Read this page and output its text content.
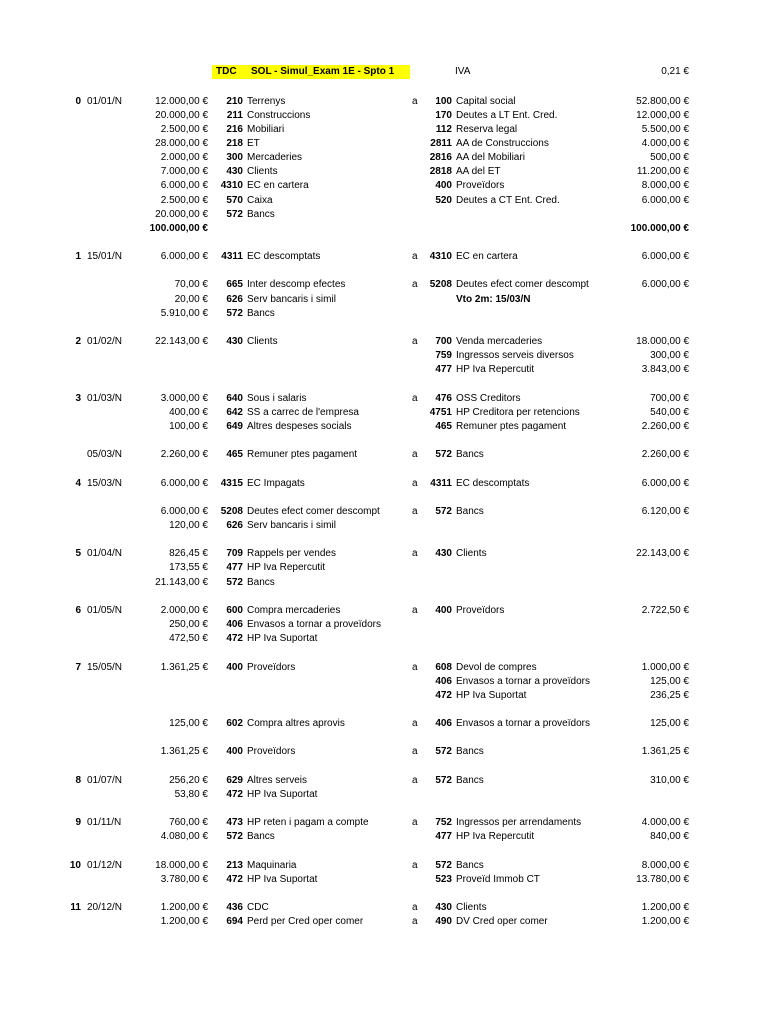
TDC SOL - Simul_Exam 1E - Spto 1	IVA	0,21 €
0 01/01/N	12.000,00 € 210 Terrenys	a 100 Capital social	52.800,00 €
20.000,00 € 211 Construccions	170 Deutes a LT Ent. Cred.	12.000,00 €
2.500,00 € 216 Mobiliari	112 Reserva legal	5.500,00 €
28.000,00 € 218 ET	2811 AA de Construccions	4.000,00 €
2.000,00 € 300 Mercaderies	2816 AA del Mobiliari	500,00 €
7.000,00 € 430 Clients	2818 AA del ET	11.200,00 €
6.000,00 € 4310 EC en cartera	400 Proveïdors	8.000,00 €
2.500,00 € 570 Caixa	520 Deutes a CT Ent. Cred.	6.000,00 €
20.000,00 € 572 Bancs
100.000,00 €	100.000,00 €
1 15/01/N	6.000,00 € 4311 EC descomptats	a 4310 EC en cartera	6.000,00 €
70,00 € 665 Inter descomp efectes	a 5208 Deutes efect comer descompt	6.000,00 €
20,00 € 626 Serv bancaris i simil	Vto 2m: 15/03/N
5.910,00 € 572 Bancs
2 01/02/N	22.143,00 € 430 Clients	a 700 Venda mercaderies	18.000,00 €
759 Ingressos serveis diversos	300,00 €
477 HP Iva Repercutit	3.843,00 €
3 01/03/N	3.000,00 € 640 Sous i salaris	a 476 OSS Creditors	700,00 €
400,00 € 642 SS a carrec de l'empresa	4751 HP Creditora per retencions	540,00 €
100,00 € 649 Altres despeses socials	465 Remuner ptes pagament	2.260,00 €
05/03/N	2.260,00 € 465 Remuner ptes pagament	a 572 Bancs	2.260,00 €
4 15/03/N	6.000,00 € 4315 EC Impagats	a 4311 EC descomptats	6.000,00 €
6.000,00 € 5208 Deutes efect comer descompt	a 572 Bancs	6.120,00 €
120,00 € 626 Serv bancaris i simil
5 01/04/N	826,45 € 709 Rappels per vendes	a 430 Clients	22.143,00 €
173,55 € 477 HP Iva Repercutit
21.143,00 € 572 Bancs
6 01/05/N	2.000,00 € 600 Compra mercaderies	a 400 Proveïdors	2.722,50 €
250,00 € 406 Envasos a tornar a proveïdors
472,50 € 472 HP Iva Suportat
7 15/05/N	1.361,25 € 400 Proveïdors	a 608 Devol de compres	1.000,00 €
406 Envasos a tornar a proveïdors	125,00 €
472 HP Iva Suportat	236,25 €
125,00 € 602 Compra altres aprovis	a 406 Envasos a tornar a proveïdors	125,00 €
1.361,25 € 400 Proveïdors	a 572 Bancs	1.361,25 €
8 01/07/N	256,20 € 629 Altres serveis	a 572 Bancs	310,00 €
53,80 € 472 HP Iva Suportat
9 01/11/N	760,00 € 473 HP reten i pagam a compte	a 752 Ingressos per arrendaments	4.000,00 €
4.080,00 € 572 Bancs	477 HP Iva Repercutit	840,00 €
10 01/12/N	18.000,00 € 213 Maquinaria	a 572 Bancs	8.000,00 €
3.780,00 € 472 HP Iva Suportat	523 Proveïd Immob CT	13.780,00 €
11 20/12/N	1.200,00 € 436 CDC	a 430 Clients	1.200,00 €
1.200,00 € 694 Perd per Cred oper comer	a 490 DV Cred oper comer	1.200,00 €
